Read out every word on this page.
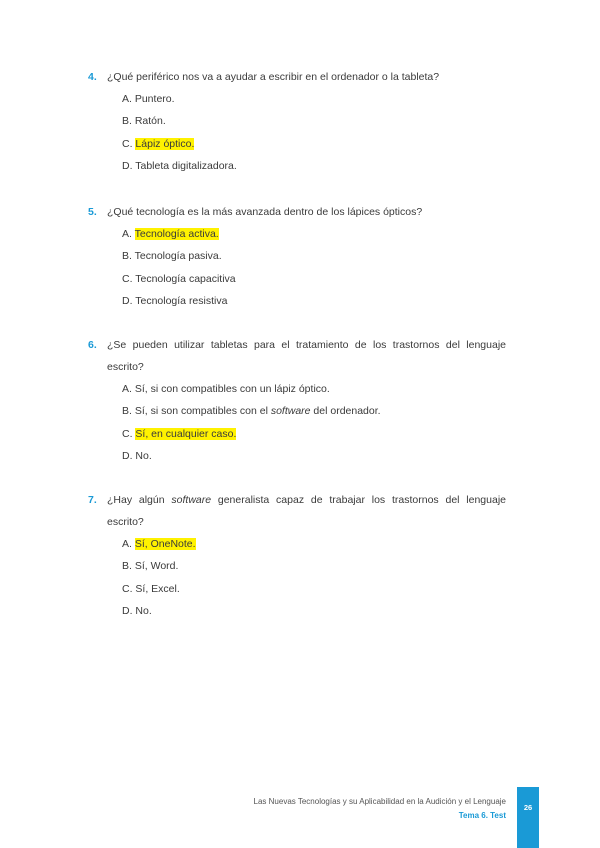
4. ¿Qué periférico nos va a ayudar a escribir en el ordenador o la tableta?
A. Puntero.
B. Ratón.
C. Lápiz óptico.
D. Tableta digitalizadora.
5. ¿Qué tecnología es la más avanzada dentro de los lápices ópticos?
A. Tecnología activa.
B. Tecnología pasiva.
C. Tecnología capacitiva
D. Tecnología resistiva
6. ¿Se pueden utilizar tabletas para el tratamiento de los trastornos del lenguaje escrito?
A. Sí, si con compatibles con un lápiz óptico.
B. Sí, si son compatibles con el software del ordenador.
C. Sí, en cualquier caso.
D. No.
7. ¿Hay algún software generalista capaz de trabajar los trastornos del lenguaje escrito?
A. Sí, OneNote.
B. Sí, Word.
C. Sí, Excel.
D. No.
Las Nuevas Tecnologías y su Aplicabilidad en la Audición y el Lenguaje
Tema 6. Test
26
